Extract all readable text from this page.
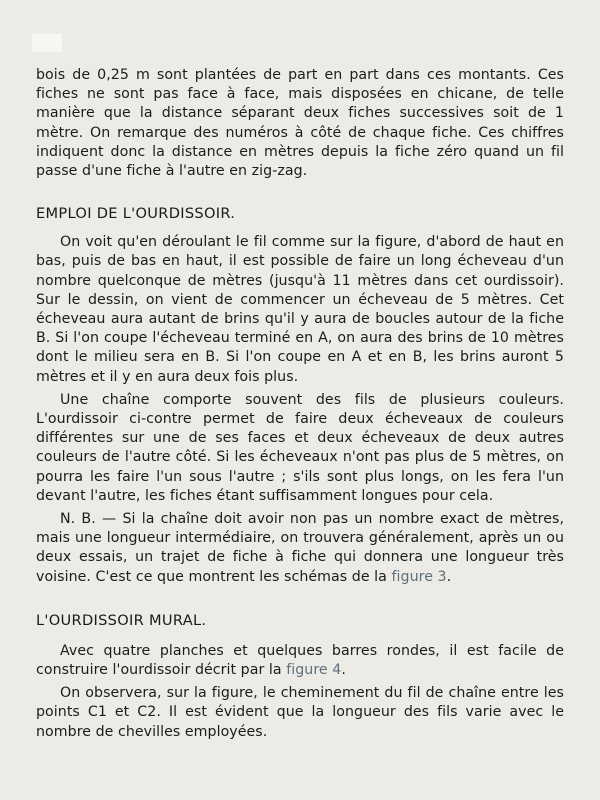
bois de 0,25 m sont plantées de part en part dans ces montants. Ces fiches ne sont pas face à face, mais disposées en chicane, de telle manière que la distance séparant deux fiches successives soit de 1 mètre. On remarque des numéros à côté de chaque fiche. Ces chiffres indiquent donc la distance en mètres depuis la fiche zéro quand un fil passe d'une fiche à l'autre en zig-zag.

EMPLOI DE L'OURDISSOIR.

On voit qu'en déroulant le fil comme sur la figure, d'abord de haut en bas, puis de bas en haut, il est possible de faire un long écheveau d'un nombre quelconque de mètres (jusqu'à 11 mètres dans cet ourdissoir). Sur le dessin, on vient de commencer un écheveau de 5 mètres. Cet écheveau aura autant de brins qu'il y aura de boucles autour de la fiche B. Si l'on coupe l'écheveau terminé en A, on aura des brins de 10 mètres dont le milieu sera en B. Si l'on coupe en A et en B, les brins auront 5 mètres et il y en aura deux fois plus.

Une chaîne comporte souvent des fils de plusieurs couleurs. L'ourdissoir ci-contre permet de faire deux écheveaux de couleurs différentes sur une de ses faces et deux écheveaux de deux autres couleurs de l'autre côté. Si les écheveaux n'ont pas plus de 5 mètres, on pourra les faire l'un sous l'autre ; s'ils sont plus longs, on les fera l'un devant l'autre, les fiches étant suffisamment longues pour cela.

N. B. — Si la chaîne doit avoir non pas un nombre exact de mètres, mais une longueur intermédiaire, on trouvera généralement, après un ou deux essais, un trajet de fiche à fiche qui donnera une longueur très voisine. C'est ce que montrent les schémas de la figure 3.

L'OURDISSOIR MURAL.

Avec quatre planches et quelques barres rondes, il est facile de construire l'ourdissoir décrit par la figure 4.

On observera, sur la figure, le cheminement du fil de chaîne entre les points C1 et C2. Il est évident que la longueur des fils varie avec le nombre de chevilles employées.
